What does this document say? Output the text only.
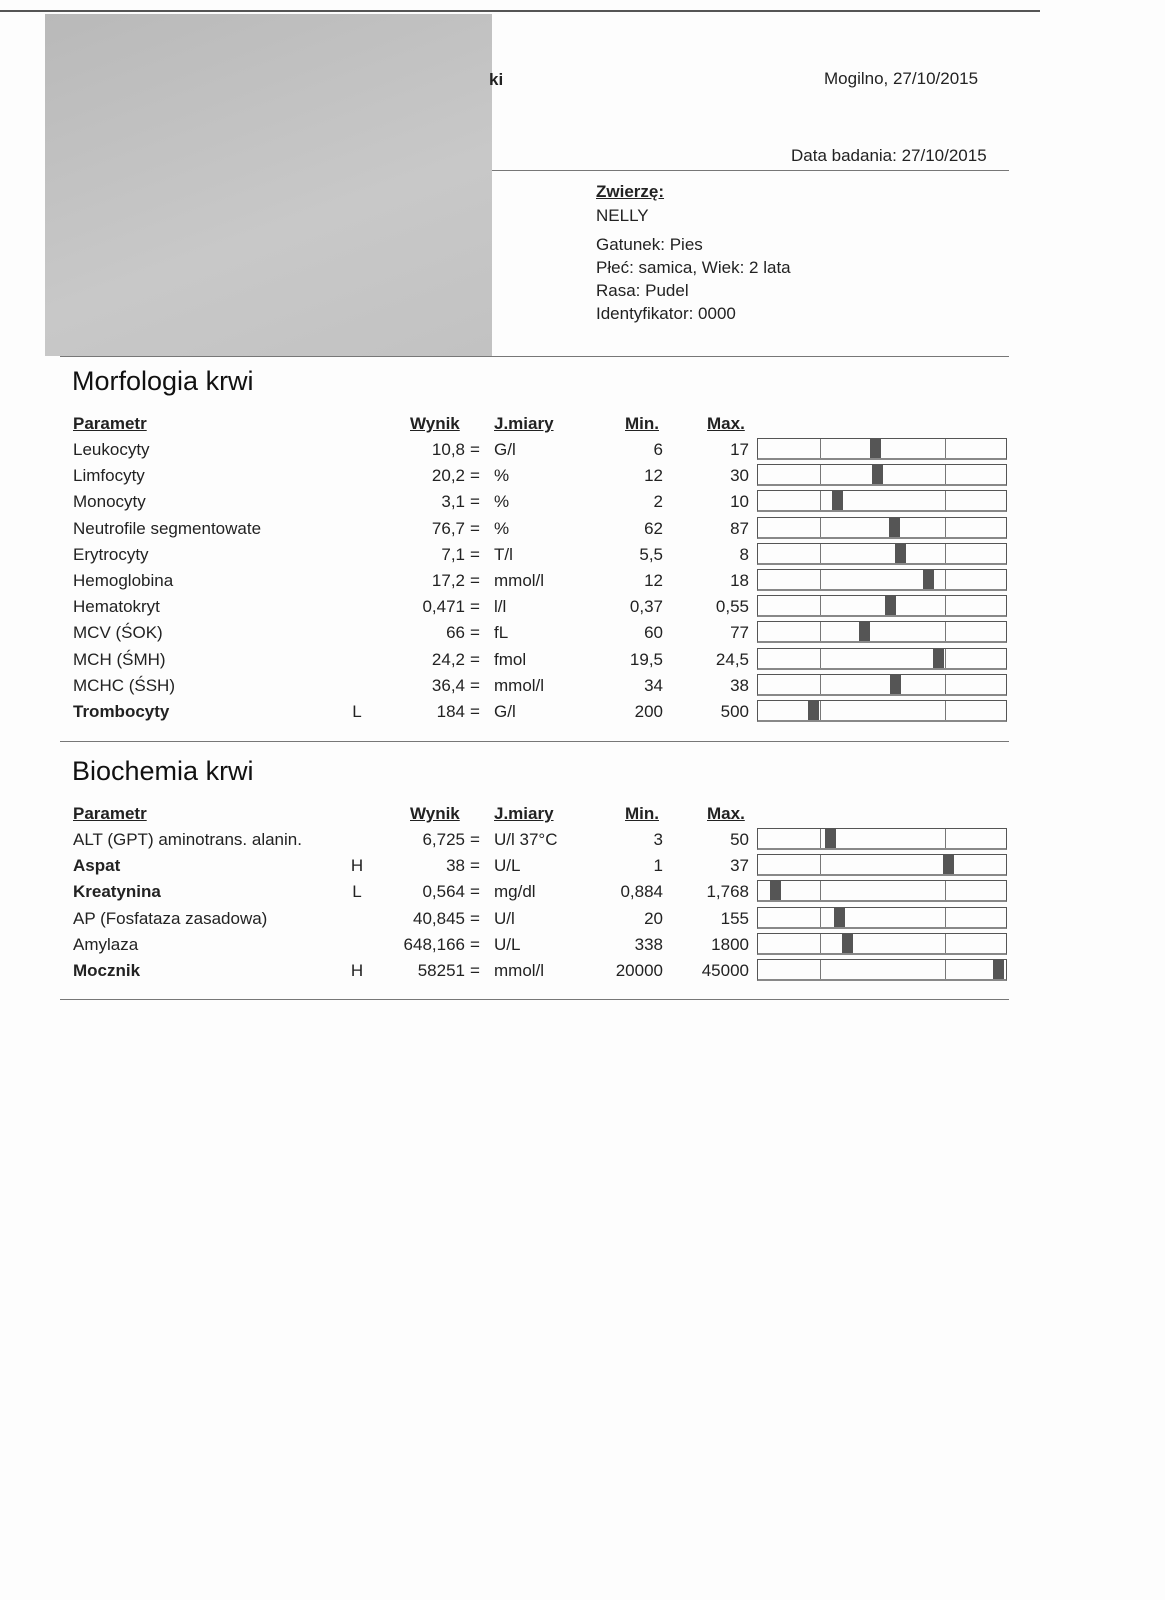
ki	Mogilno, 27/10/2015
Data badania: 27/10/2015
Zwierzę:
NELLY
Gatunek: Pies
Płeć: samica, Wiek: 2 lata
Rasa: Pudel
Identyfikator: 0000
Morfologia krwi
Parametr	Wynik J.miary	Min.	Max.
Leukocyty	10,8 = G/l	6	17
Limfocyty	20,2 = %	12	30
Monocyty	3,1 = %	2	10
Neutrofile segmentowate	76,7 = %	62	87
Erytrocyty	7,1 = T/l	5,5	8
Hemoglobina	17,2 = mmol/l	12	18
Hematokryt	0,471 = l/l	0,37	0,55
MCV (ŚOK)	66 = fL	60	77
MCH (ŚMH)	24,2 = fmol	19,5	24,5
MCHC (ŚSH)	36,4 = mmol/l	34	38
Trombocyty	L	184 = G/l	200	500
Biochemia krwi
Parametr	Wynik J.miary	Min.	Max.
ALT (GPT) aminotrans. alanin.	6,725 = U/l 37°C	3	50
Aspat	H	38 = U/L	1	37
Kreatynina	L	0,564 = mg/dl	0,884	1,768
AP (Fosfataza zasadowa)	40,845 = U/l	20	155
Amylaza	648,166 = U/L	338	1800
Mocznik	H	58251 = mmol/l	20000	45000
